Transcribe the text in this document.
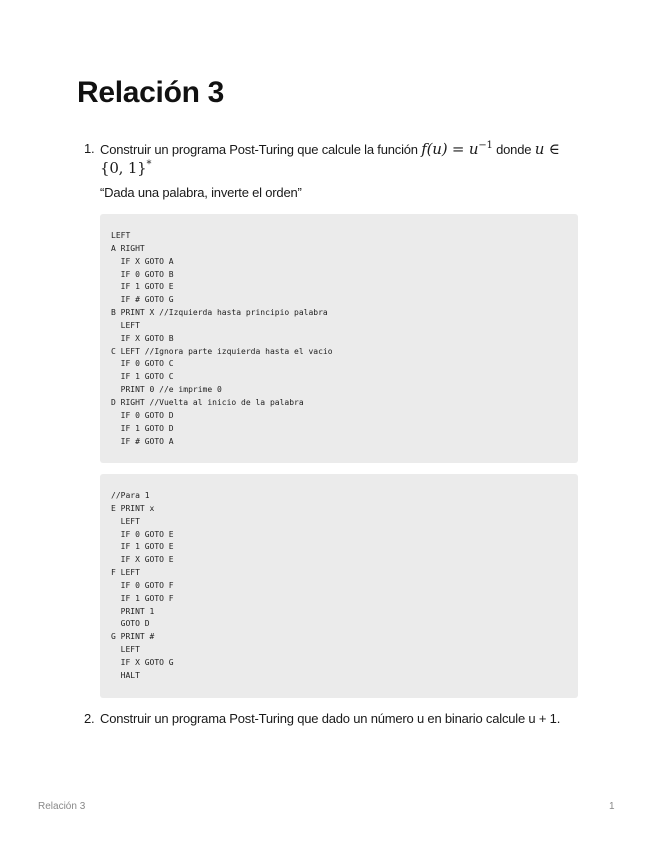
Relación 3
1. Construir un programa Post-Turing que calcule la función $f(u) = u^{-1}$ donde u ∈
{0, 1}*
“Dada una palabra, inverte el orden”
LEFT
A RIGHT
IF X GOTO A
IF 0 GOTO B
IF 1 GOTO E
IF # GOTO G
B PRINT X //Izquierda hasta principio palabra
LEFT
IF X GOTO B
C LEFT //Ignora parte izquierda hasta el vacio
IF 0 GOTO C
IF 1 GOTO C
PRINT 0 //e imprime 0
D RIGHT //Vuelta al inicio de la palabra
IF 0 GOTO D
IF 1 GOTO D
IF # GOTO A
//Para 1
E PRINT x
LEFT
IF 0 GOTO E
IF 1 GOTO E
IF X GOTO E
F LEFT
IF 0 GOTO F
IF 1 GOTO F
PRINT 1
GOTO D
G PRINT #
LEFT
IF X GOTO G
HALT
2. Construir un programa Post-Turing que dado un número u en binario calcule u + 1.
Relación 3	1
